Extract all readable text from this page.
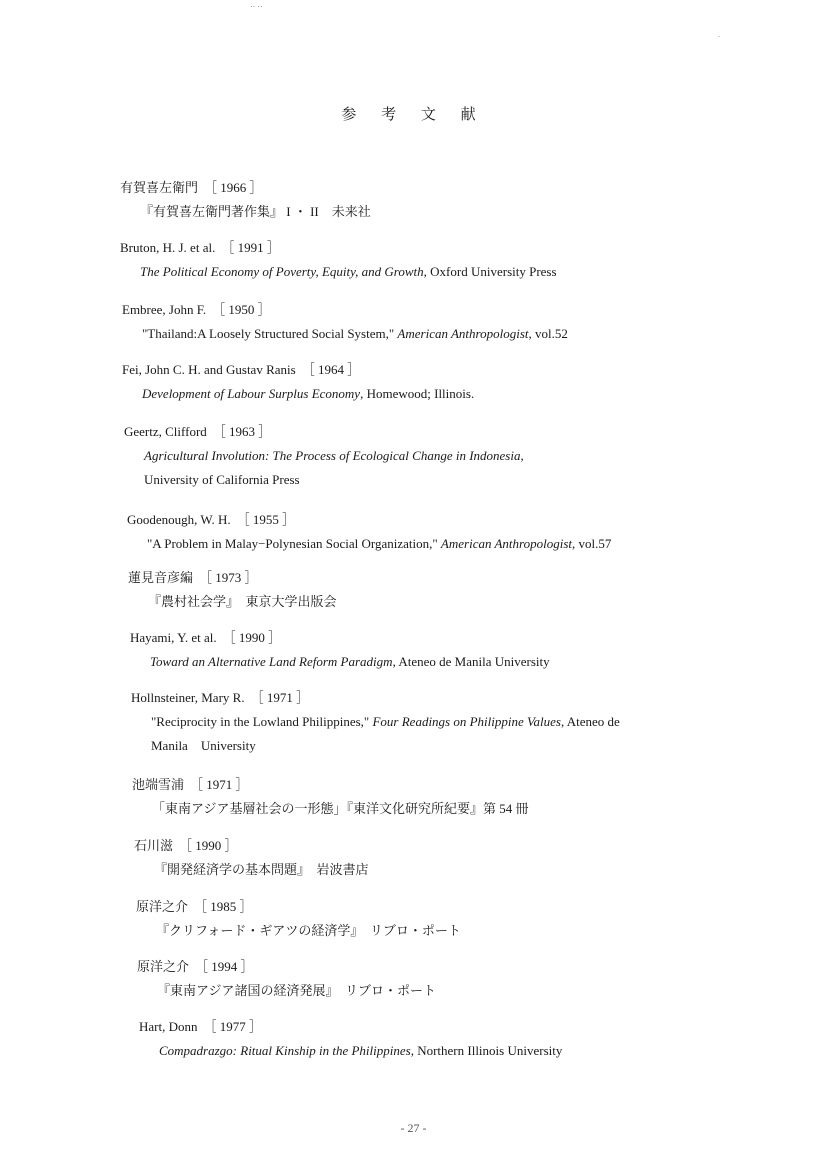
‥ ‥
.
参 考 文 献
有賀喜左衛門 ［ 1966 ］
『有賀喜左衛門著作集』 I ・ II　未来社
Bruton, H. J. et al. ［ 1991 ］
The Political Economy of Poverty, Equity, and Growth, Oxford University Press
Embree, John F. ［ 1950 ］
"Thailand:A Loosely Structured Social System," American Anthropologist, vol.52
Fei, John C. H. and Gustav Ranis ［ 1964 ］
Development of Labour Surplus Economy, Homewood; Illinois.
Geertz, Clifford ［ 1963 ］
Agricultural Involution: The Process of Ecological Change in Indonesia,
University of California Press
Goodenough, W. H. ［ 1955 ］
"A Problem in Malay−Polynesian Social Organization," American Anthropologist, vol.57
蓮見音彦編 ［ 1973 ］
『農村社会学』　東京大学出版会
Hayami, Y. et al. ［ 1990 ］
Toward an Alternative Land Reform Paradigm, Ateneo de Manila University
Hollnsteiner, Mary R. ［ 1971 ］
"Reciprocity in the Lowland Philippines," Four Readings on Philippine Values, Ateneo de
Manila　University
池端雪浦 ［ 1971 ］
「東南アジア基層社会の一形態」『東洋文化研究所紀要』第 54 冊
石川滋 ［ 1990 ］
『開発経済学の基本問題』　岩波書店
原洋之介 ［ 1985 ］
『クリフォード・ギアツの経済学』　リブロ・ポート
原洋之介 ［ 1994 ］
『東南アジア諸国の経済発展』　リブロ・ポート
Hart, Donn ［ 1977 ］
Compadrazgo: Ritual Kinship in the Philippines, Northern Illinois University
- 27 -
